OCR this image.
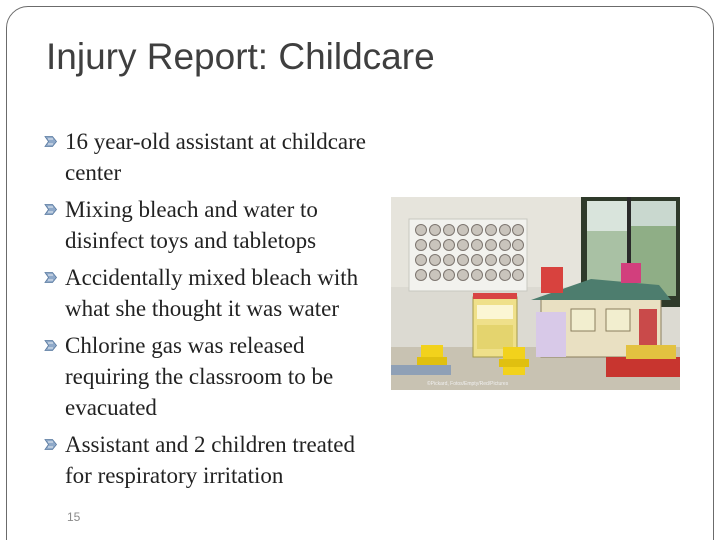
Injury Report: Childcare
16 year-old assistant at childcare center
Mixing bleach and water to disinfect toys and tabletops
Accidentally mixed bleach with what she thought it was water
Chlorine gas was released requiring the classroom to be evacuated
Assistant and 2 children treated for respiratory irritation
©Pickard, Fotos/Empty/Red/Pictures
15
